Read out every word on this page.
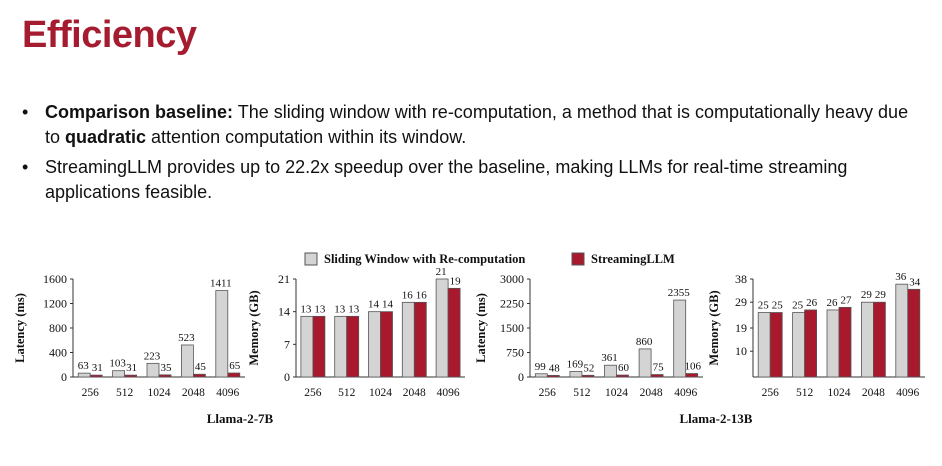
Efficiency
• Comparison baseline: The sliding window with re-computation, a method that is computationally heavy due to quadratic attention computation within its window.
• StreamingLLM provides up to 22.2x speedup over the baseline, making LLMs for real-time streaming applications feasible.
Sliding Window with Re-computation	StreamingLLM
Llama-2-7B	Llama-2-13B
0
400
800
1200
1600
Latency (ms)
256
63 31
512
103 31
1024
223
35
2048
523
45
4096
1411
65
0
7
14
21
Memory (GB)
256
13 13
512
13 13
1024
14 14
2048
16 16
4096
21
19
0
750
1500
2250
3000
Latency (ms)
256
99 48
512
169 52
1024
361
60
2048
860
75
4096
2355
106
10
19
29
38
Memory (GB)
256
25 25
512
25 26
1024
26 27
2048
29 29
4096
36 34
